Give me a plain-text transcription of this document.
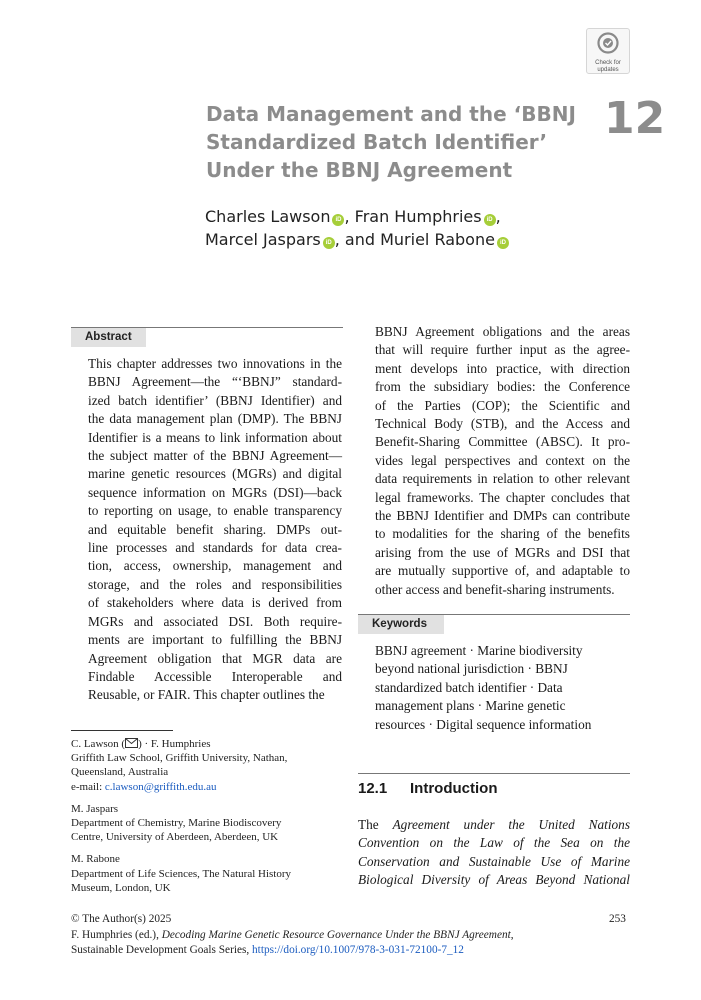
Check for
updates
Data Management and the ‘BBNJ
Standardized Batch Identifier’
Under the BBNJ Agreement
12
Charles Lawson iD , Fran Humphries iD ,
Marcel Jaspars iD , and Muriel Rabone iD
Abstract
This chapter addresses two innovations in the
BBNJ Agreement—the “‘BBNJ” standard-
ized batch identifier’ (BBNJ Identifier) and
the data management plan (DMP). The BBNJ
Identifier is a means to link information about
the subject matter of the BBNJ Agreement—
marine genetic resources (MGRs) and digital
sequence information on MGRs (DSI)—back
to reporting on usage, to enable transparency
and equitable benefit sharing. DMPs out-
line processes and standards for data crea-
tion, access, ownership, management and
storage, and the roles and responsibilities
of stakeholders where data is derived from
MGRs and associated DSI. Both require-
ments are important to fulfilling the BBNJ
Agreement obligation that MGR data are
Findable Accessible Interoperable and
Reusable, or FAIR. This chapter outlines the
BBNJ Agreement obligations and the areas
that will require further input as the agree-
ment develops into practice, with direction
from the subsidiary bodies: the Conference
of the Parties (COP); the Scientific and
Technical Body (STB), and the Access and
Benefit-Sharing Committee (ABSC). It pro-
vides legal perspectives and context on the
data requirements in relation to other relevant
legal frameworks. The chapter concludes that
the BBNJ Identifier and DMPs can contribute
to modalities for the sharing of the benefits
arising from the use of MGRs and DSI that
are mutually supportive of, and adaptable to
other access and benefit-sharing instruments.
Keywords
BBNJ agreement · Marine biodiversity
beyond national jurisdiction · BBNJ
standardized batch identifier · Data
management plans · Marine genetic
resources · Digital sequence information
C. Lawson ( ) · F. Humphries
Griffith Law School, Griffith University, Nathan,
Queensland, Australia
e-mail: c.lawson@griffith.edu.au
M. Jaspars
Department of Chemistry, Marine Biodiscovery
Centre, University of Aberdeen, Aberdeen, UK
M. Rabone
Department of Life Sciences, The Natural History
Museum, London, UK
12.1 Introduction
The Agreement under the United Nations
Convention on the Law of the Sea on the
Conservation and Sustainable Use of Marine
Biological Diversity of Areas Beyond National
© The Author(s) 2025
F. Humphries (ed.), Decoding Marine Genetic Resource Governance Under the BBNJ Agreement,
Sustainable Development Goals Series, https://doi.org/10.1007/978-3-031-72100-7_12
253
